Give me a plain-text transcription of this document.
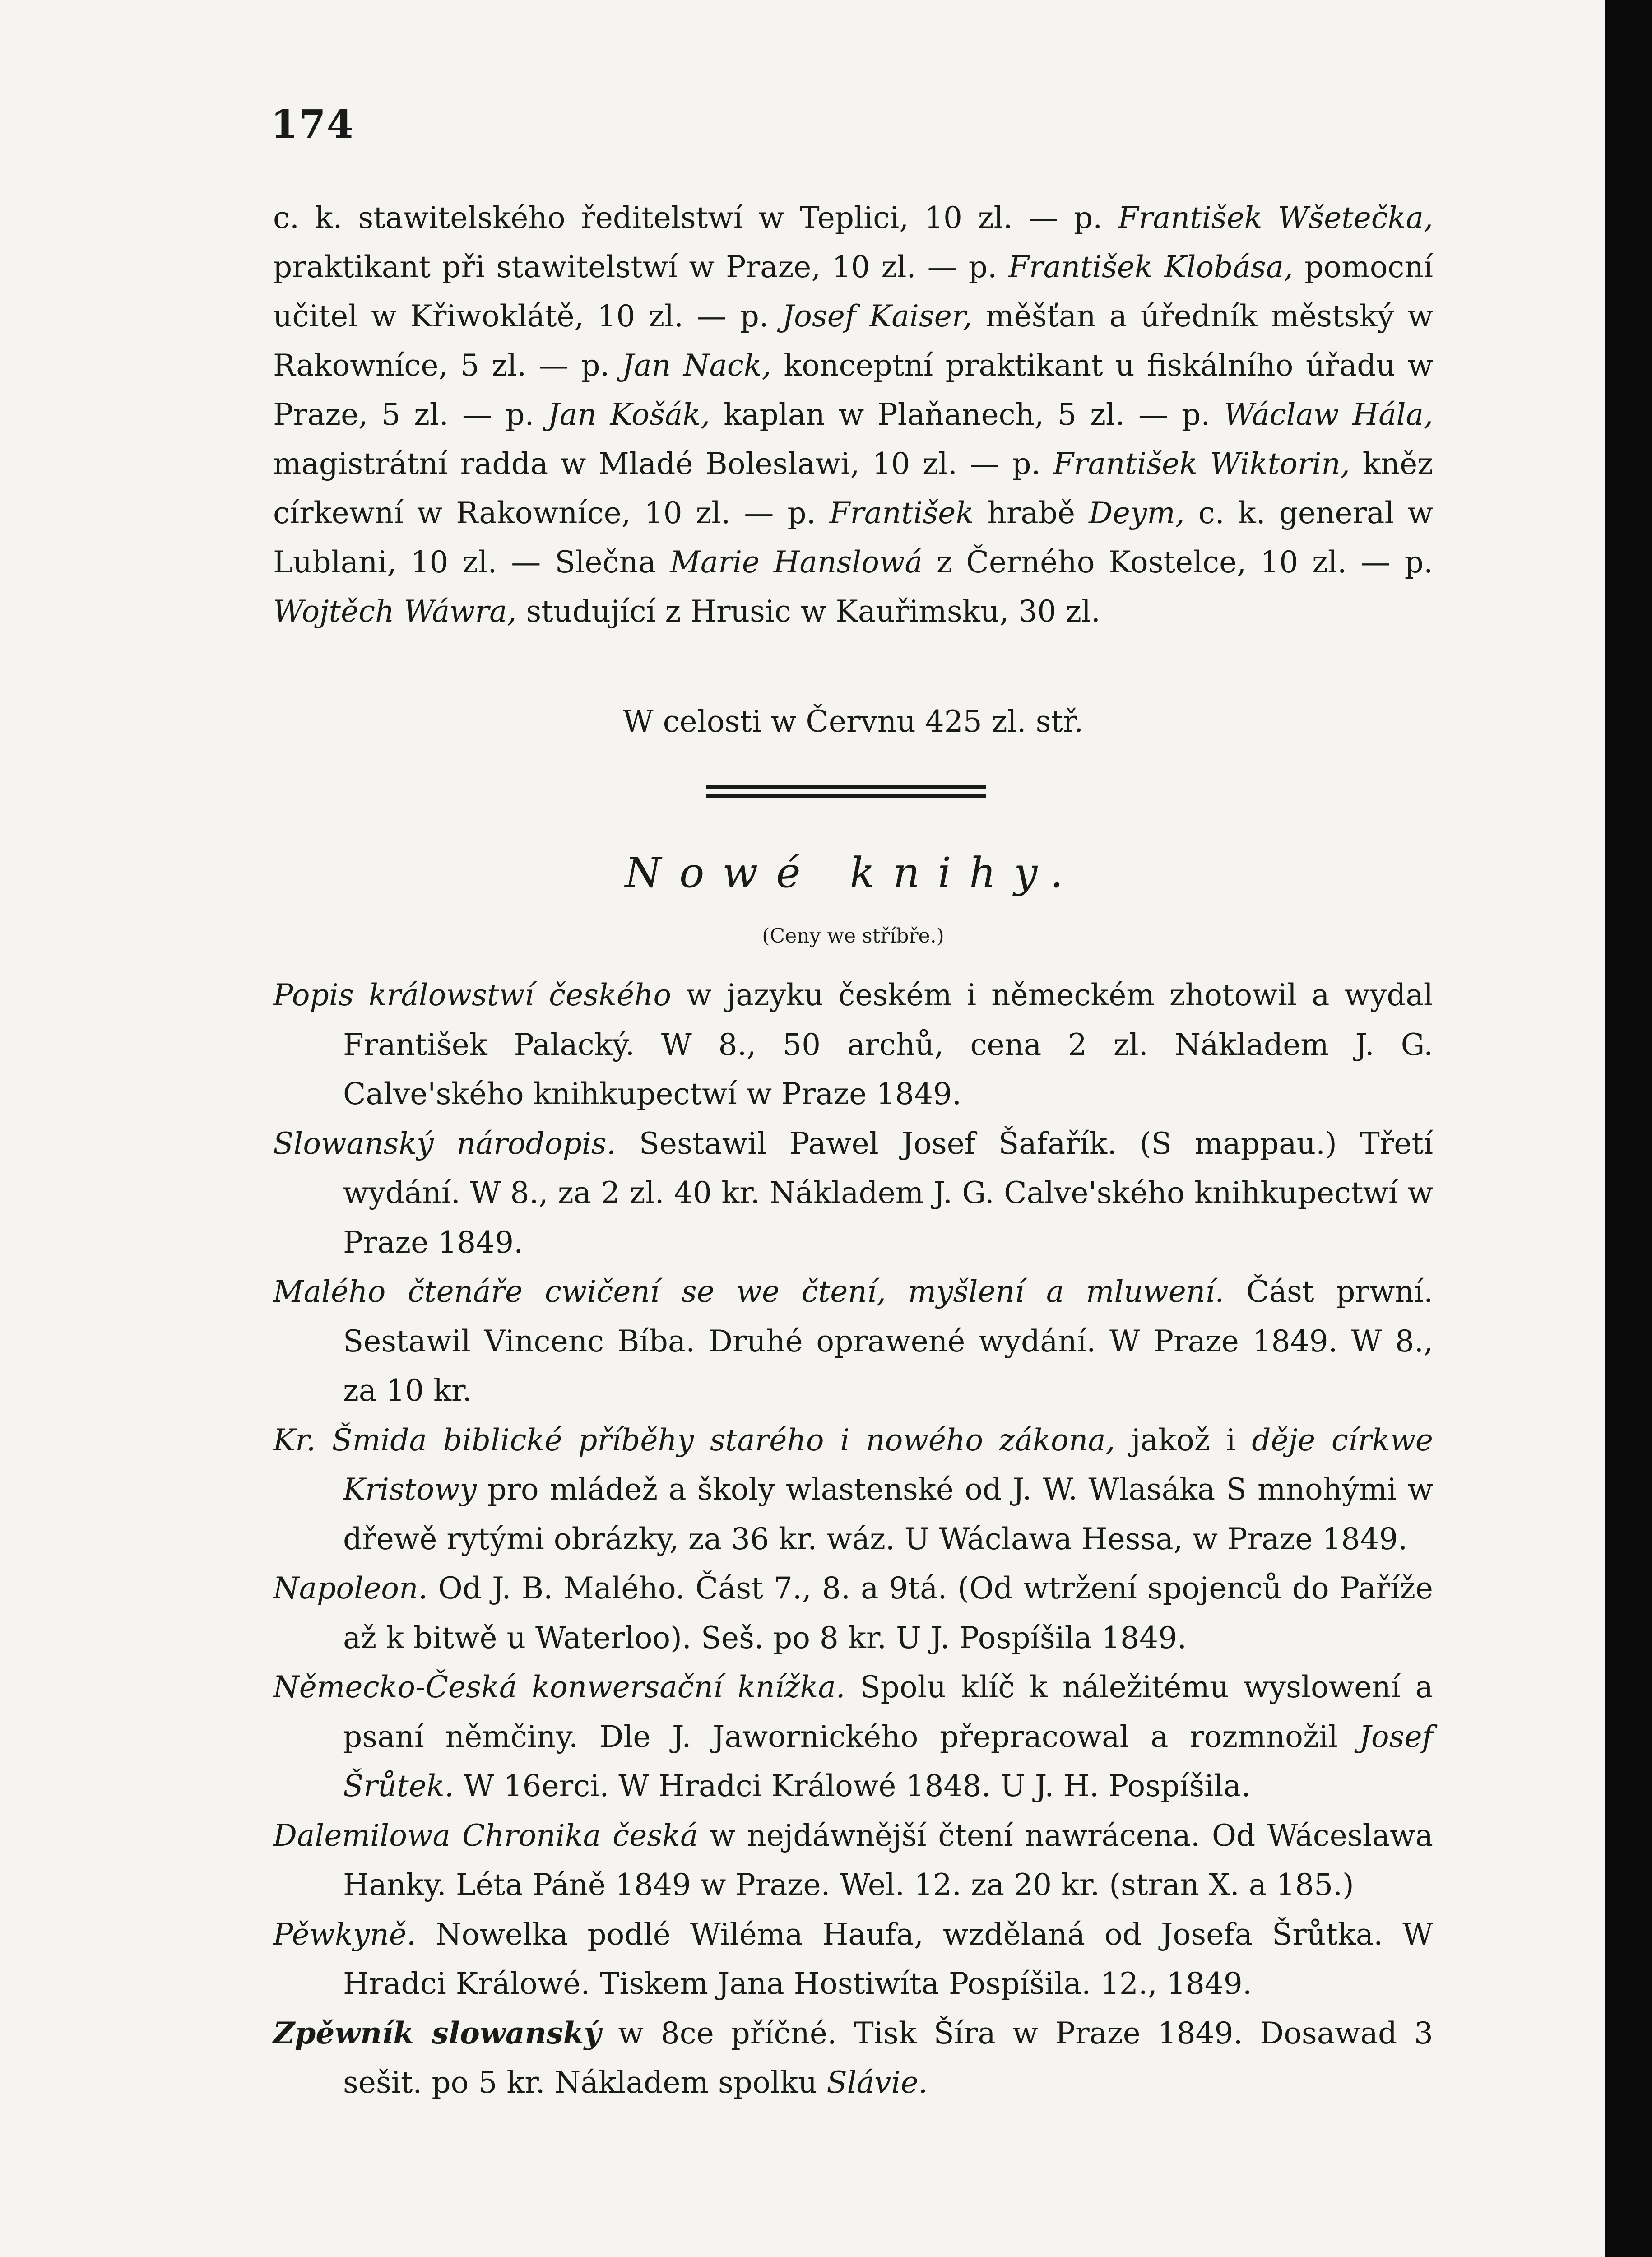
174
c. k. stawitelského ředitelstwí w Teplici, 10 zl. — p. František Wšetečka, praktikant při stawitelstwí w Praze, 10 zl. — p. František Klobása, pomocní učitel w Křiwoklátě, 10 zl. — p. Josef Kaiser, měšťan a úředník městský w Rakowníce, 5 zl. — p. Jan Nack, konceptní praktikant u fiskálního úřadu w Praze, 5 zl. — p. Jan Košák, kaplan w Plaňanech, 5 zl. — p. Wáclaw Hála, magistrátní radda w Mladé Boleslawi, 10 zl. — p. František Wiktorin, kněz církewní w Rakowníce, 10 zl. — p. František hrabě Deym, c. k. general w Lublani, 10 zl. — Slečna Marie Hanslowá z Černého Kostelce, 10 zl. — p. Wojtěch Wáwra, studující z Hrusic w Kauřimsku, 30 zl.
W celosti w Červnu 425 zl. stř.
Nowé knihy.
(Ceny we stříbře.)
Popis králowstwí českého w jazyku českém i německém zhotowil a wydal František Palacký. W 8., 50 archů, cena 2 zl. Nákladem J. G. Calve'ského knihkupectwí w Praze 1849.
Slowanský národopis. Sestawil Pawel Josef Šafařík. (S mappau.) Třetí wydání. W 8., za 2 zl. 40 kr. Nákladem J. G. Calve'ského knihkupectwí w Praze 1849.
Malého čtenáře cwičení se we čtení, myšlení a mluwení. Část prwní. Sestawil Vincenc Bíba. Druhé oprawené wydání. W Praze 1849. W 8., za 10 kr.
Kr. Šmida biblické příběhy starého i nowého zákona, jakož i děje církwe Kristowy pro mládež a školy wlastenské od J. W. Wlasáka S mnohými w dřewě rytými obrázky, za 36 kr. wáz. U Wáclawa Hessa, w Praze 1849.
Napoleon. Od J. B. Malého. Část 7., 8. a 9tá. (Od wtržení spojenců do Paříže až k bitwě u Waterloo). Seš. po 8 kr. U J. Pospíšila 1849.
Německo-Česká konwersační knížka. Spolu klíč k náležitému wyslowení a psaní němčiny. Dle J. Jawornického přepracowal a rozmnožil Josef Šrůtek. W 16erci. W Hradci Králowé 1848. U J. H. Pospíšila.
Dalemilowa Chronika česká w nejdáwnější čtení nawrácena. Od Wáceslawa Hanky. Léta Páně 1849 w Praze. Wel. 12. za 20 kr. (stran X. a 185.)
Pěwkyně. Nowelka podlé Wiléma Haufa, wzdělaná od Josefa Šrůtka. W Hradci Králowé. Tiskem Jana Hostiwíta Pospíšila. 12., 1849.
Zpěwník slowanský w 8ce příčné. Tisk Šíra w Praze 1849. Dosawad 3 sešit. po 5 kr. Nákladem spolku Slávie.
